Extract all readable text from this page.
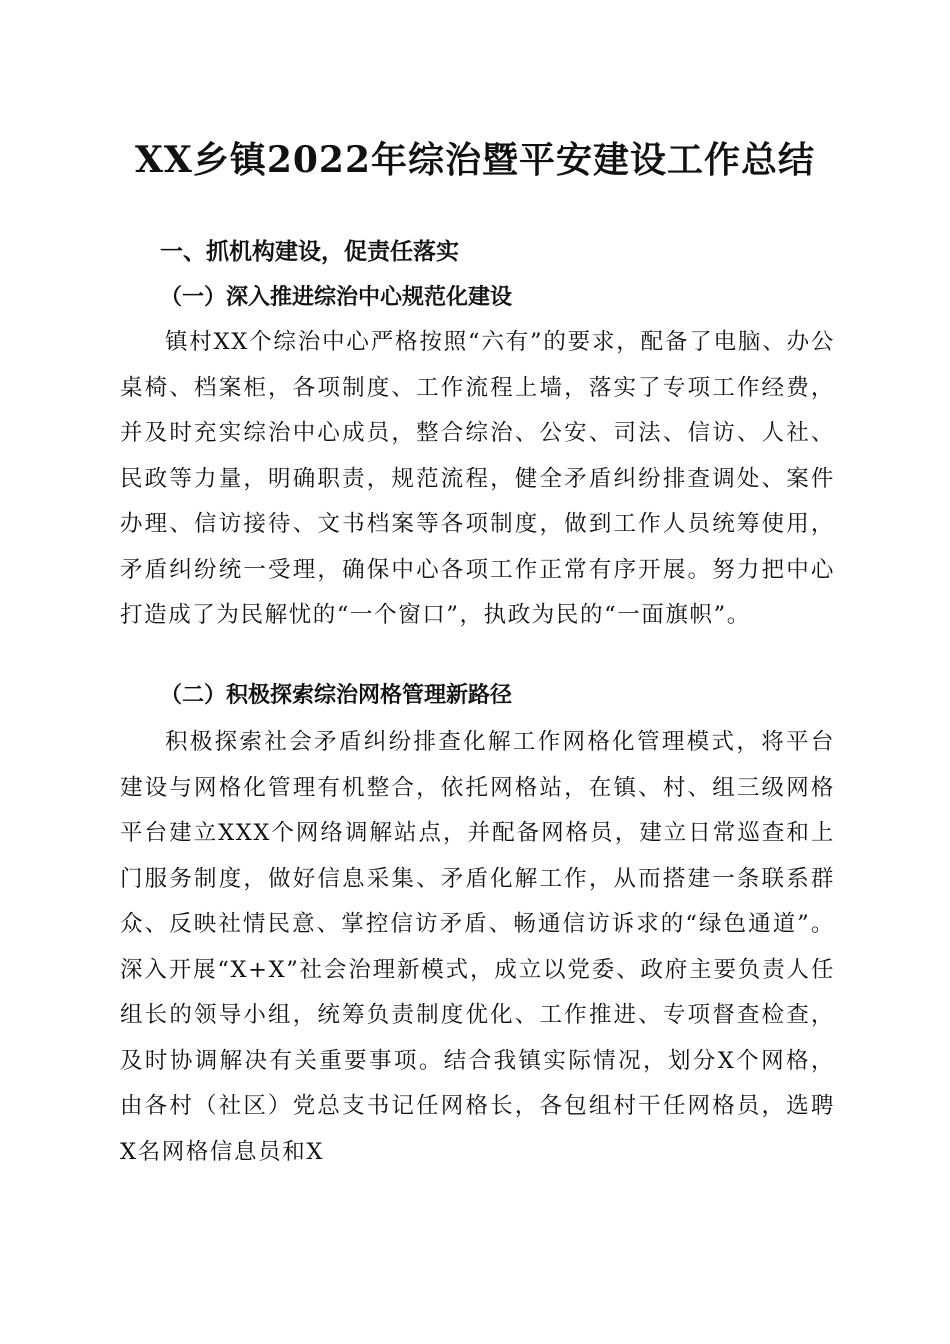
XX乡镇2022年综治暨平安建设工作总结
一、抓机构建设，促责任落实
（一）深入推进综治中心规范化建设

镇村XX个综治中心严格按照“六有”的要求，配备了电脑、办公桌椅、档案柜，各项制度、工作流程上墙，落实了专项工作经费，并及时充实综治中心成员，整合综治、公安、司法、信访、人社、民政等力量，明确职责，规范流程，健全矛盾纠纷排查调处、案件办理、信访接待、文书档案等各项制度，做到工作人员统筹使用，矛盾纠纷统一受理，确保中心各项工作正常有序开展。努力把中心打造成了为民解忧的“一个窗口”，执政为民的“一面旗帜”。

（二）积极探索综治网格管理新路径

积极探索社会矛盾纠纷排查化解工作网格化管理模式，将平台建设与网格化管理有机整合，依托网格站，在镇、村、组三级网格平台建立XXX个网络调解站点，并配备网格员，建立日常巡查和上门服务制度，做好信息采集、矛盾化解工作，从而搭建一条联系群众、反映社情民意、掌控信访矛盾、畅通信访诉求的“绿色通道”。深入开展“X+X”社会治理新模式，成立以党委、政府主要负责人任组长的领导小组，统筹负责制度优化、工作推进、专项督查检查，及时协调解决有关重要事项。结合我镇实际情况，划分X个网格，由各村（社区）党总支书记任网格长，各包组村干任网格员，选聘X名网格信息员和X
